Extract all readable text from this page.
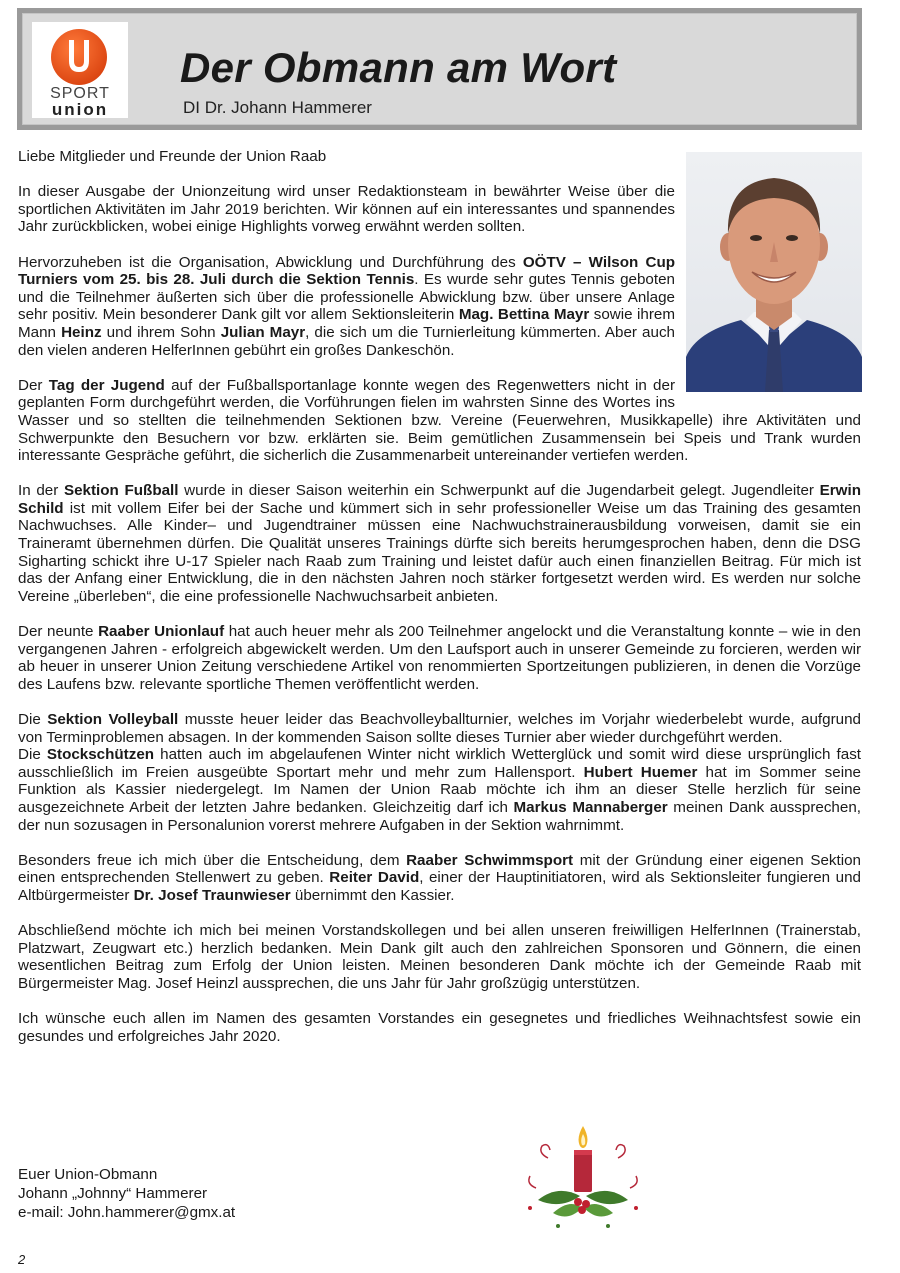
SPORT
union
Der Obmann am Wort
DI Dr. Johann Hammerer

Liebe Mitglieder und Freunde der Union Raab

In dieser Ausgabe der Unionzeitung wird unser Redaktionsteam in bewährter Weise über die sportlichen Aktivitäten im Jahr 2019 berichten. Wir können auf ein interessantes und spannendes Jahr zurückblicken, wobei einige Highlights vorweg erwähnt werden sollten.

Hervorzuheben ist die Organisation, Abwicklung und Durchführung des OÖTV – Wilson Cup Turniers vom 25. bis 28. Juli durch die Sektion Tennis. Es wurde sehr gutes Tennis geboten und die Teilnehmer äußerten sich über die professionelle Abwicklung bzw. über unsere Anlage sehr positiv. Mein besonderer Dank gilt vor allem Sektionsleiterin Mag. Bettina Mayr sowie ihrem Mann Heinz und ihrem Sohn Julian Mayr, die sich um die Turnierleitung kümmerten. Aber auch den vielen anderen HelferInnen gebührt ein großes Dankeschön.

Der Tag der Jugend auf der Fußballsportanlage konnte wegen des Regenwetters nicht in der geplanten Form durchgeführt werden, die Vorführungen fielen im wahrsten Sinne des Wortes ins Wasser und so stellten die teilnehmenden Sektionen bzw. Vereine (Feuerwehren, Musikkapelle) ihre Aktivitäten und Schwerpunkte den Besuchern vor bzw. erklärten sie. Beim gemütlichen Zusammensein bei Speis und Trank wurden interessante Gespräche geführt, die sicherlich die Zusammenarbeit untereinander vertiefen werden.

In der Sektion Fußball wurde in dieser Saison weiterhin ein Schwerpunkt auf die Jugendarbeit gelegt. Jugendleiter Erwin Schild ist mit vollem Eifer bei der Sache und kümmert sich in sehr professioneller Weise um das Training des gesamten Nachwuchses. Alle Kinder– und Jugendtrainer müssen eine Nachwuchstrainerausbildung vorweisen, damit sie ein Traineramt übernehmen dürfen. Die Qualität unseres Trainings dürfte sich bereits herumgesprochen haben, denn die DSG Sigharting schickt ihre U-17 Spieler nach Raab zum Training und leistet dafür auch einen finanziellen Beitrag. Für mich ist das der Anfang einer Entwicklung, die in den nächsten Jahren noch stärker fortgesetzt werden wird. Es werden nur solche Vereine „überleben“, die eine professionelle Nachwuchsarbeit anbieten.

Der neunte Raaber Unionlauf hat auch heuer mehr als 200 Teilnehmer angelockt und die Veranstaltung konnte – wie in den vergangenen Jahren - erfolgreich abgewickelt werden. Um den Laufsport auch in unserer Gemeinde zu forcieren, werden wir ab heuer in unserer Union Zeitung verschiedene Artikel von renommierten Sportzeitungen publizieren, in denen die Vorzüge des Laufens bzw. relevante sportliche Themen veröffentlicht werden.

Die Sektion Volleyball musste heuer leider das Beachvolleyballturnier, welches im Vorjahr wiederbelebt wurde, aufgrund von Terminproblemen absagen. In der kommenden Saison sollte dieses Turnier aber wieder durchgeführt werden.

Die Stockschützen hatten auch im abgelaufenen Winter nicht wirklich Wetterglück und somit wird diese ursprünglich fast ausschließlich im Freien ausgeübte Sportart mehr und mehr zum Hallensport. Hubert Huemer hat im Sommer seine Funktion als Kassier niedergelegt. Im Namen der Union Raab möchte ich ihm an dieser Stelle herzlich für seine ausgezeichnete Arbeit der letzten Jahre bedanken. Gleichzeitig darf ich Markus Mannaberger meinen Dank aussprechen, der nun sozusagen in Personalunion vorerst mehrere Aufgaben in der Sektion wahrnimmt.

Besonders freue ich mich über die Entscheidung, dem Raaber Schwimmsport mit der Gründung einer eigenen Sektion einen entsprechenden Stellenwert zu geben. Reiter David, einer der Hauptinitiatoren, wird als Sektionsleiter fungieren und Altbürgermeister Dr. Josef Traunwieser übernimmt den Kassier.

Abschließend möchte ich mich bei meinen Vorstandskollegen und bei allen unseren freiwilligen HelferInnen (Trainerstab, Platzwart, Zeugwart etc.) herzlich bedanken. Mein Dank gilt auch den zahlreichen Sponsoren und Gönnern, die einen wesentlichen Beitrag zum Erfolg der Union leisten. Meinen besonderen Dank möchte ich der Gemeinde Raab mit Bürgermeister Mag. Josef Heinzl aussprechen, die uns Jahr für Jahr großzügig unterstützen.

Ich wünsche euch allen im Namen des gesamten Vorstandes ein gesegnetes und friedliches Weihnachtsfest sowie ein gesundes und erfolgreiches Jahr 2020.

Euer Union-Obmann
Johann „Johnny“ Hammerer
e-mail: John.hammerer@gmx.at
2
